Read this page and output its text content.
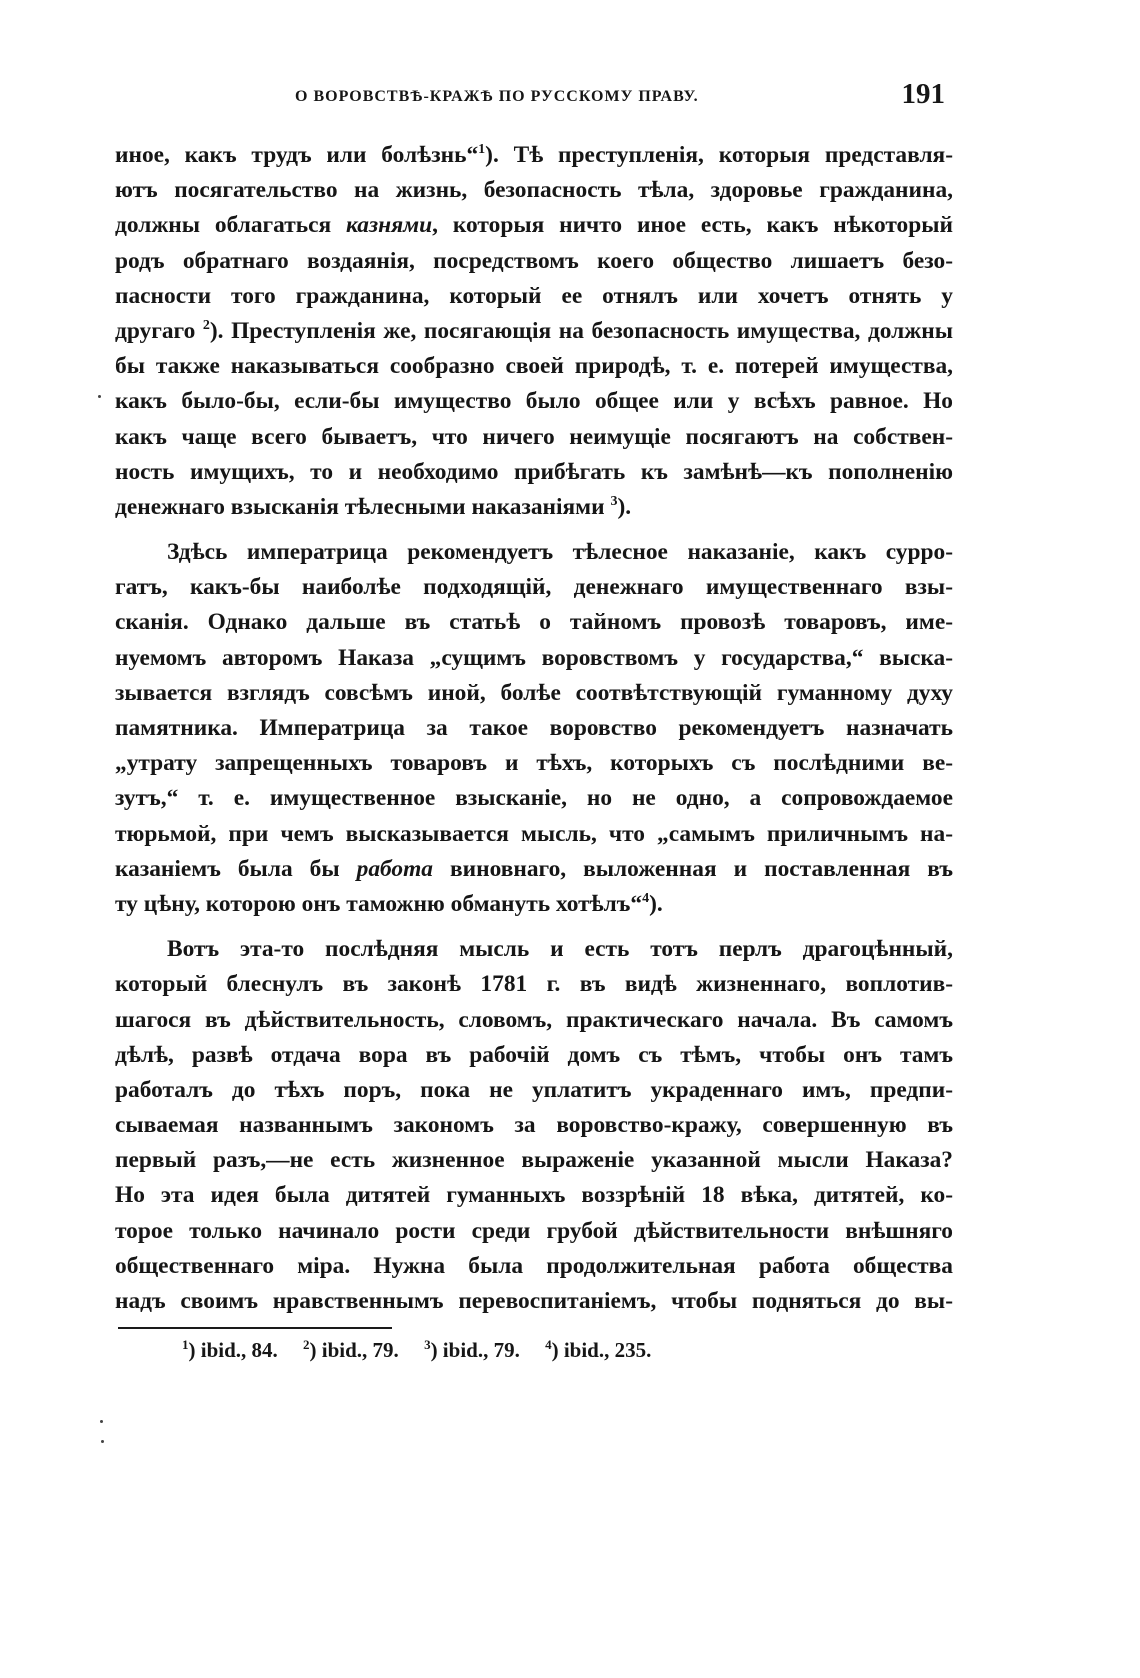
О ВОРОВСТВѢ-КРАЖѢ ПО РУССКОМУ ПРАВУ.	191
иное, какъ трудъ или болѣзнь“$^1$). Тѣ преступленія, которыя представля-
ютъ посягательство на жизнь, безопасность тѣла, здоровье гражданина,
должны облагаться казнями, которыя ничто иное есть, какъ нѣкоторый
родъ обратнаго воздаянія, посредствомъ коего общество лишаетъ безо-
пасности того гражданина, который ее отнялъ или хочетъ отнять у
другаго $^2$). Преступленія же, посягающія на безопасность имущества, должны
бы также наказываться сообразно своей природѣ, т. е. потерей имущества,
какъ было-бы, если-бы имущество было общее или у всѣхъ равное. Но
какъ чаще всего бываетъ, что ничего неимущіе посягаютъ на собствен-
ность имущихъ, то и необходимо прибѣгать къ замѣнѣ—къ пополненію
денежнаго взысканія тѣлесными наказаніями $^3$).
Здѣсь императрица рекомендуетъ тѣлесное наказаніе, какъ сурро-
гатъ, какъ-бы наиболѣе подходящій, денежнаго имущественнаго взы-
сканія. Однако дальше въ статьѣ о тайномъ провозѣ товаровъ, име-
нуемомъ авторомъ Наказа „сущимъ воровствомъ у государства,“ выска-
зывается взглядъ совсѣмъ иной, болѣе соотвѣтствующій гуманному духу
памятника. Императрица за такое воровство рекомендуетъ назначать
„утрату запрещенныхъ товаровъ и тѣхъ, которыхъ съ послѣдними ве-
зутъ,“ т. е. имущественное взысканіе, но не одно, а сопровождаемое
тюрьмой, при чемъ высказывается мысль, что „самымъ приличнымъ на-
казаніемъ была бы работа виновнаго, выложенная и поставленная въ
ту цѣну, которою онъ таможню обмануть хотѣлъ“$^4$).
Вотъ эта-то послѣдняя мысль и есть тотъ перлъ драгоцѣнный,
который блеснулъ въ законѣ 1781 г. въ видѣ жизненнаго, воплотив-
шагося въ дѣйствительность, словомъ, практическаго начала. Въ самомъ
дѣлѣ, развѣ отдача вора въ рабочій домъ съ тѣмъ, чтобы онъ тамъ
работалъ до тѣхъ поръ, пока не уплатитъ украденнаго имъ, предпи-
сываемая названнымъ закономъ за воровство-кражу, совершенную въ
первый разъ,—не есть жизненное выраженіе указанной мысли Наказа?
Но эта идея была дитятей гуманныхъ воззрѣній 18 вѣка, дитятей, ко-
торое только начинало рости среди грубой дѣйствительности внѣшняго
общественнаго міра. Нужна была продолжительная работа общества
надъ своимъ нравственнымъ перевоспитаніемъ, чтобы подняться до вы-
$^1$) ibid., 84. $^2$) ibid., 79. $^3$) ibid., 79. $^4$) ibid., 235.
